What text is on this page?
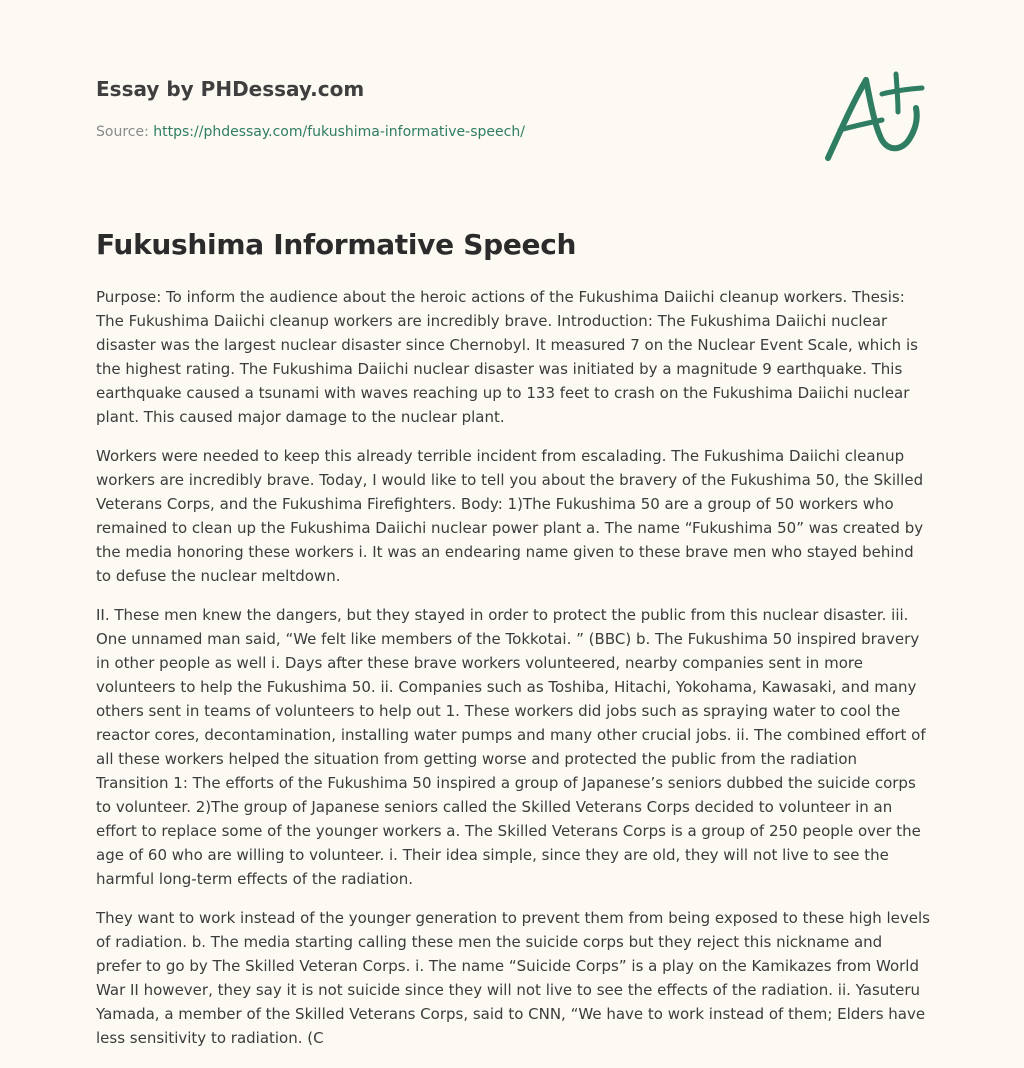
Essay by PHDessay.com

Source: https://phdessay.com/fukushima-informative-speech/
Fukushima Informative Speech

Purpose: To inform the audience about the heroic actions of the Fukushima Daiichi cleanup workers. Thesis: The Fukushima Daiichi cleanup workers are incredibly brave. Introduction: The Fukushima Daiichi nuclear disaster was the largest nuclear disaster since Chernobyl. It measured 7 on the Nuclear Event Scale, which is the highest rating. The Fukushima Daiichi nuclear disaster was initiated by a magnitude 9 earthquake. This earthquake caused a tsunami with waves reaching up to 133 feet to crash on the Fukushima Daiichi nuclear plant. This caused major damage to the nuclear plant.

Workers were needed to keep this already terrible incident from escalading. The Fukushima Daiichi cleanup workers are incredibly brave. Today, I would like to tell you about the bravery of the Fukushima 50, the Skilled Veterans Corps, and the Fukushima Firefighters. Body: 1)The Fukushima 50 are a group of 50 workers who remained to clean up the Fukushima Daiichi nuclear power plant a. The name “Fukushima 50” was created by the media honoring these workers i. It was an endearing name given to these brave men who stayed behind to defuse the nuclear meltdown.

II. These men knew the dangers, but they stayed in order to protect the public from this nuclear disaster. iii. One unnamed man said, “We felt like members of the Tokkotai. ” (BBC) b. The Fukushima 50 inspired bravery in other people as well i. Days after these brave workers volunteered, nearby companies sent in more volunteers to help the Fukushima 50. ii. Companies such as Toshiba, Hitachi, Yokohama, Kawasaki, and many others sent in teams of volunteers to help out 1. These workers did jobs such as spraying water to cool the reactor cores, decontamination, installing water pumps and many other crucial jobs. ii. The combined effort of all these workers helped the situation from getting worse and protected the public from the radiation Transition 1: The efforts of the Fukushima 50 inspired a group of Japanese’s seniors dubbed the suicide corps to volunteer. 2)The group of Japanese seniors called the Skilled Veterans Corps decided to volunteer in an effort to replace some of the younger workers a. The Skilled Veterans Corps is a group of 250 people over the age of 60 who are willing to volunteer. i. Their idea simple, since they are old, they will not live to see the harmful long-term effects of the radiation.

They want to work instead of the younger generation to prevent them from being exposed to these high levels of radiation. b. The media starting calling these men the suicide corps but they reject this nickname and prefer to go by The Skilled Veteran Corps. i. The name “Suicide Corps” is a play on the Kamikazes from World War II however, they say it is not suicide since they will not live to see the effects of the radiation. ii. Yasuteru Yamada, a member of the Skilled Veterans Corps, said to CNN, “We have to work instead of them; Elders have less sensitivity to radiation. (C
